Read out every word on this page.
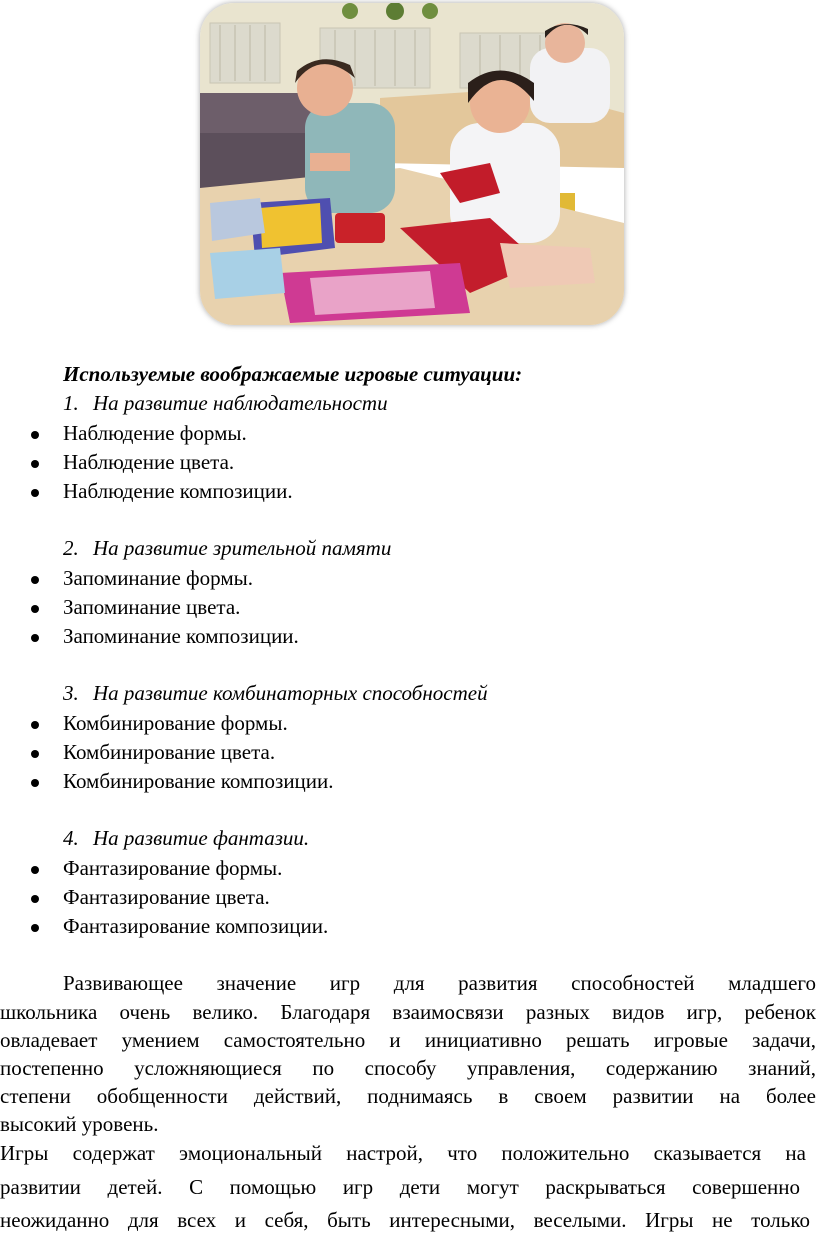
Используемые воображаемые игровые ситуации:
1. На развитие наблюдательности
Наблюдение формы.
Наблюдение цвета.
Наблюдение композиции.
2. На развитие зрительной памяти
Запоминание формы.
Запоминание цвета.
Запоминание композиции.
3. На развитие комбинаторных способностей
Комбинирование формы.
Комбинирование цвета.
Комбинирование композиции.
4. На развитие фантазии.
Фантазирование формы.
Фантазирование цвета.
Фантазирование композиции.
Развивающее значение игр для развития способностей младшего
школьника очень велико. Благодаря взаимосвязи разных видов игр, ребенок
овладевает умением самостоятельно и инициативно решать игровые задачи,
постепенно усложняющиеся по способу управления, содержанию знаний,
степени обобщенности действий, поднимаясь в своем развитии на более
высокий уровень.
Игры содержат эмоциональный настрой, что положительно сказывается на
развитии детей. С помощью игр дети могут раскрываться совершенно
неожиданно для всех и себя, быть интересными, веселыми. Игры не только
